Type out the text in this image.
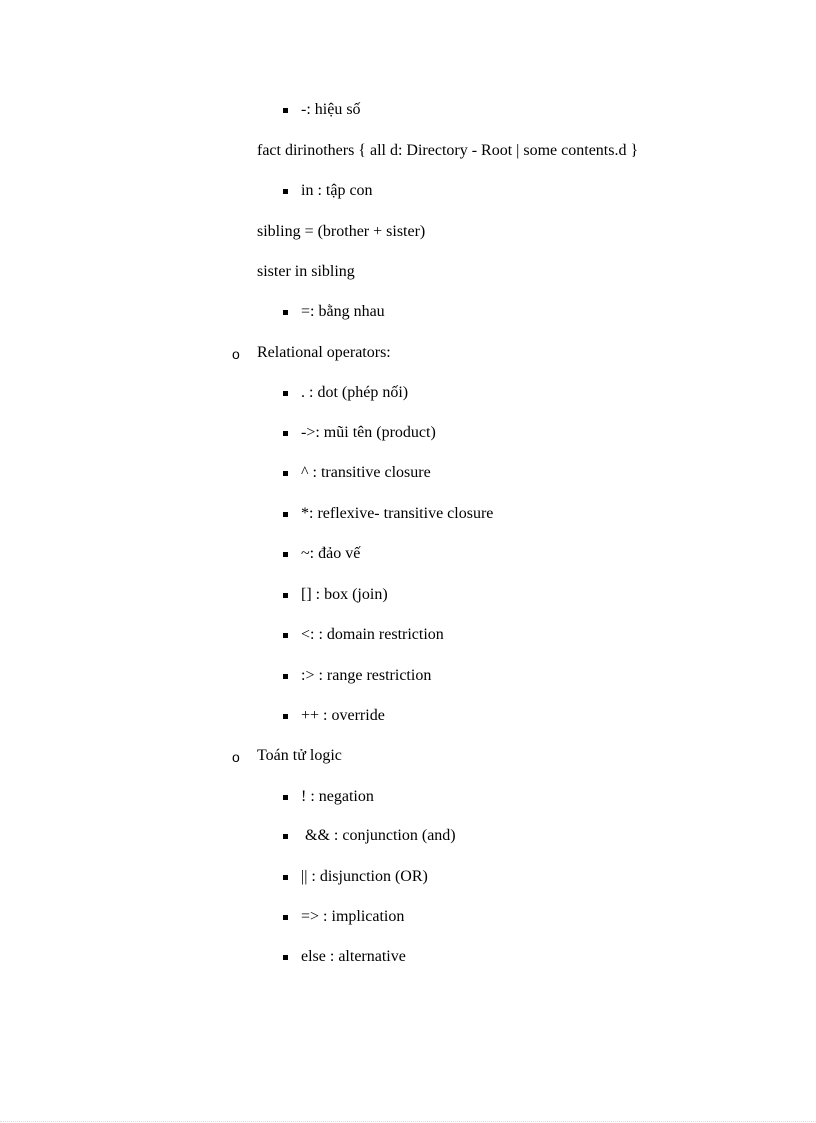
-: hiệu số
fact dirinothers { all d: Directory - Root | some contents.d }
in : tập con
sibling = (brother + sister)
sister in sibling
=: bằng nhau
o Relational operators:
. : dot (phép nối)
->: mũi tên (product)
^ : transitive closure
*: reflexive- transitive closure
~: đảo vế
[] : box (join)
<: : domain restriction
:> : range restriction
++ : override
o Toán tử logic
! : negation
&& : conjunction (and)
|| : disjunction (OR)
=> : implication
else : alternative
